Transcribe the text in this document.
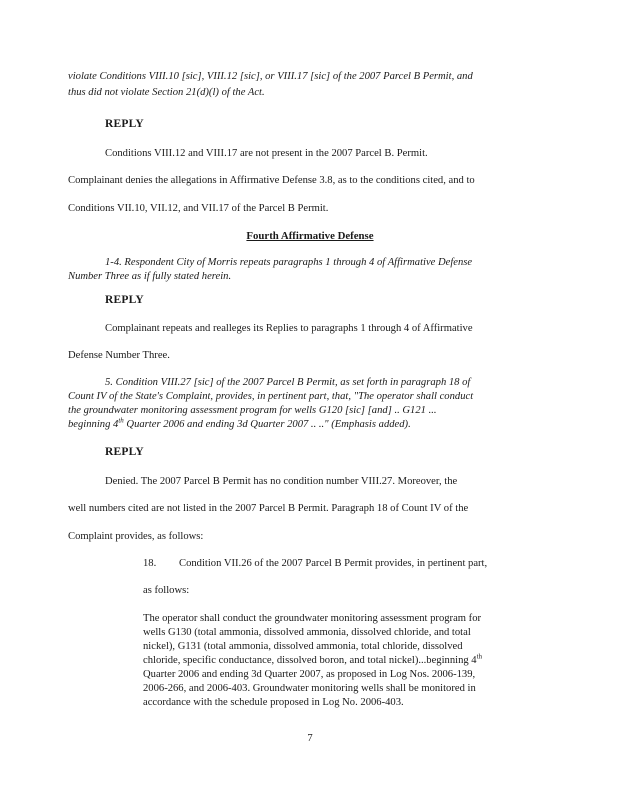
violate Conditions VIII.10 [sic], VIII.12 [sic], or VIII.17 [sic] of the 2007 Parcel B Permit, and
thus did not violate Section 21(d)(l) of the Act.
REPLY
Conditions VIII.12 and VIII.17 are not present in the 2007 Parcel B. Permit.
Complainant denies the allegations in Affirmative Defense 3.8, as to the conditions cited, and to
Conditions VII.10, VII.12, and VII.17 of the Parcel B Permit.
Fourth Affirmative Defense
1-4. Respondent City of Morris repeats paragraphs 1 through 4 of Affirmative Defense
Number Three as if fully stated herein.
REPLY
Complainant repeats and realleges its Replies to paragraphs 1 through 4 of Affirmative
Defense Number Three.
5. Condition VIII.27 [sic] of the 2007 Parcel B Permit, as set forth in paragraph 18 of
Count IV of the State's Complaint, provides, in pertinent part, that, "The operator shall conduct
the groundwater monitoring assessment program for wells G120 [sic] [and] .. G121 ...
beginning 4th Quarter 2006 and ending 3d Quarter 2007 .. .." (Emphasis added).
REPLY
Denied. The 2007 Parcel B Permit has no condition number VIII.27. Moreover, the
well numbers cited are not listed in the 2007 Parcel B Permit. Paragraph 18 of Count IV of the
Complaint provides, as follows:
18. Condition VII.26 of the 2007 Parcel B Permit provides, in pertinent part,
as follows:
The operator shall conduct the groundwater monitoring assessment program for
wells G130 (total ammonia, dissolved ammonia, dissolved chloride, and total
nickel), G131 (total ammonia, dissolved ammonia, total chloride, dissolved
chloride, specific conductance, dissolved boron, and total nickel)...beginning 4th
Quarter 2006 and ending 3d Quarter 2007, as proposed in Log Nos. 2006-139,
2006-266, and 2006-403. Groundwater monitoring wells shall be monitored in
accordance with the schedule proposed in Log No. 2006-403.
7
